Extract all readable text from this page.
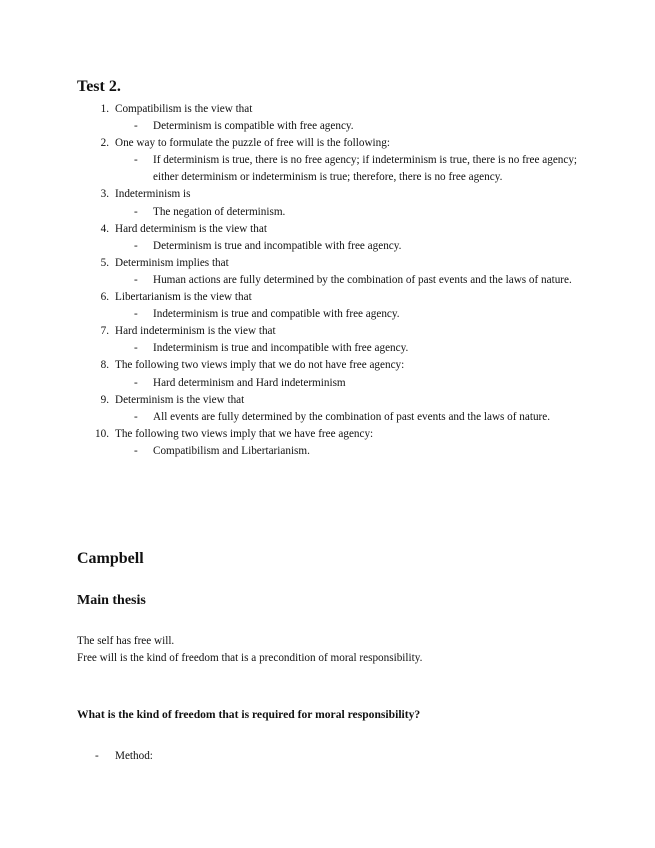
Test 2.
1. Compatibilism is the view that
- Determinism is compatible with free agency.
2. One way to formulate the puzzle of free will is the following:
- If determinism is true, there is no free agency; if indeterminism is true, there is no free agency; either determinism or indeterminism is true; therefore, there is no free agency.
3. Indeterminism is
- The negation of determinism.
4. Hard determinism is the view that
- Determinism is true and incompatible with free agency.
5. Determinism implies that
- Human actions are fully determined by the combination of past events and the laws of nature.
6. Libertarianism is the view that
- Indeterminism is true and compatible with free agency.
7. Hard indeterminism is the view that
- Indeterminism is true and incompatible with free agency.
8. The following two views imply that we do not have free agency:
- Hard determinism and Hard indeterminism
9. Determinism is the view that
- All events are fully determined by the combination of past events and the laws of nature.
10. The following two views imply that we have free agency:
- Compatibilism and Libertarianism.
Campbell
Main thesis

The self has free will.

Free will is the kind of freedom that is a precondition of moral responsibility.

What is the kind of freedom that is required for moral responsibility?
- Method:
